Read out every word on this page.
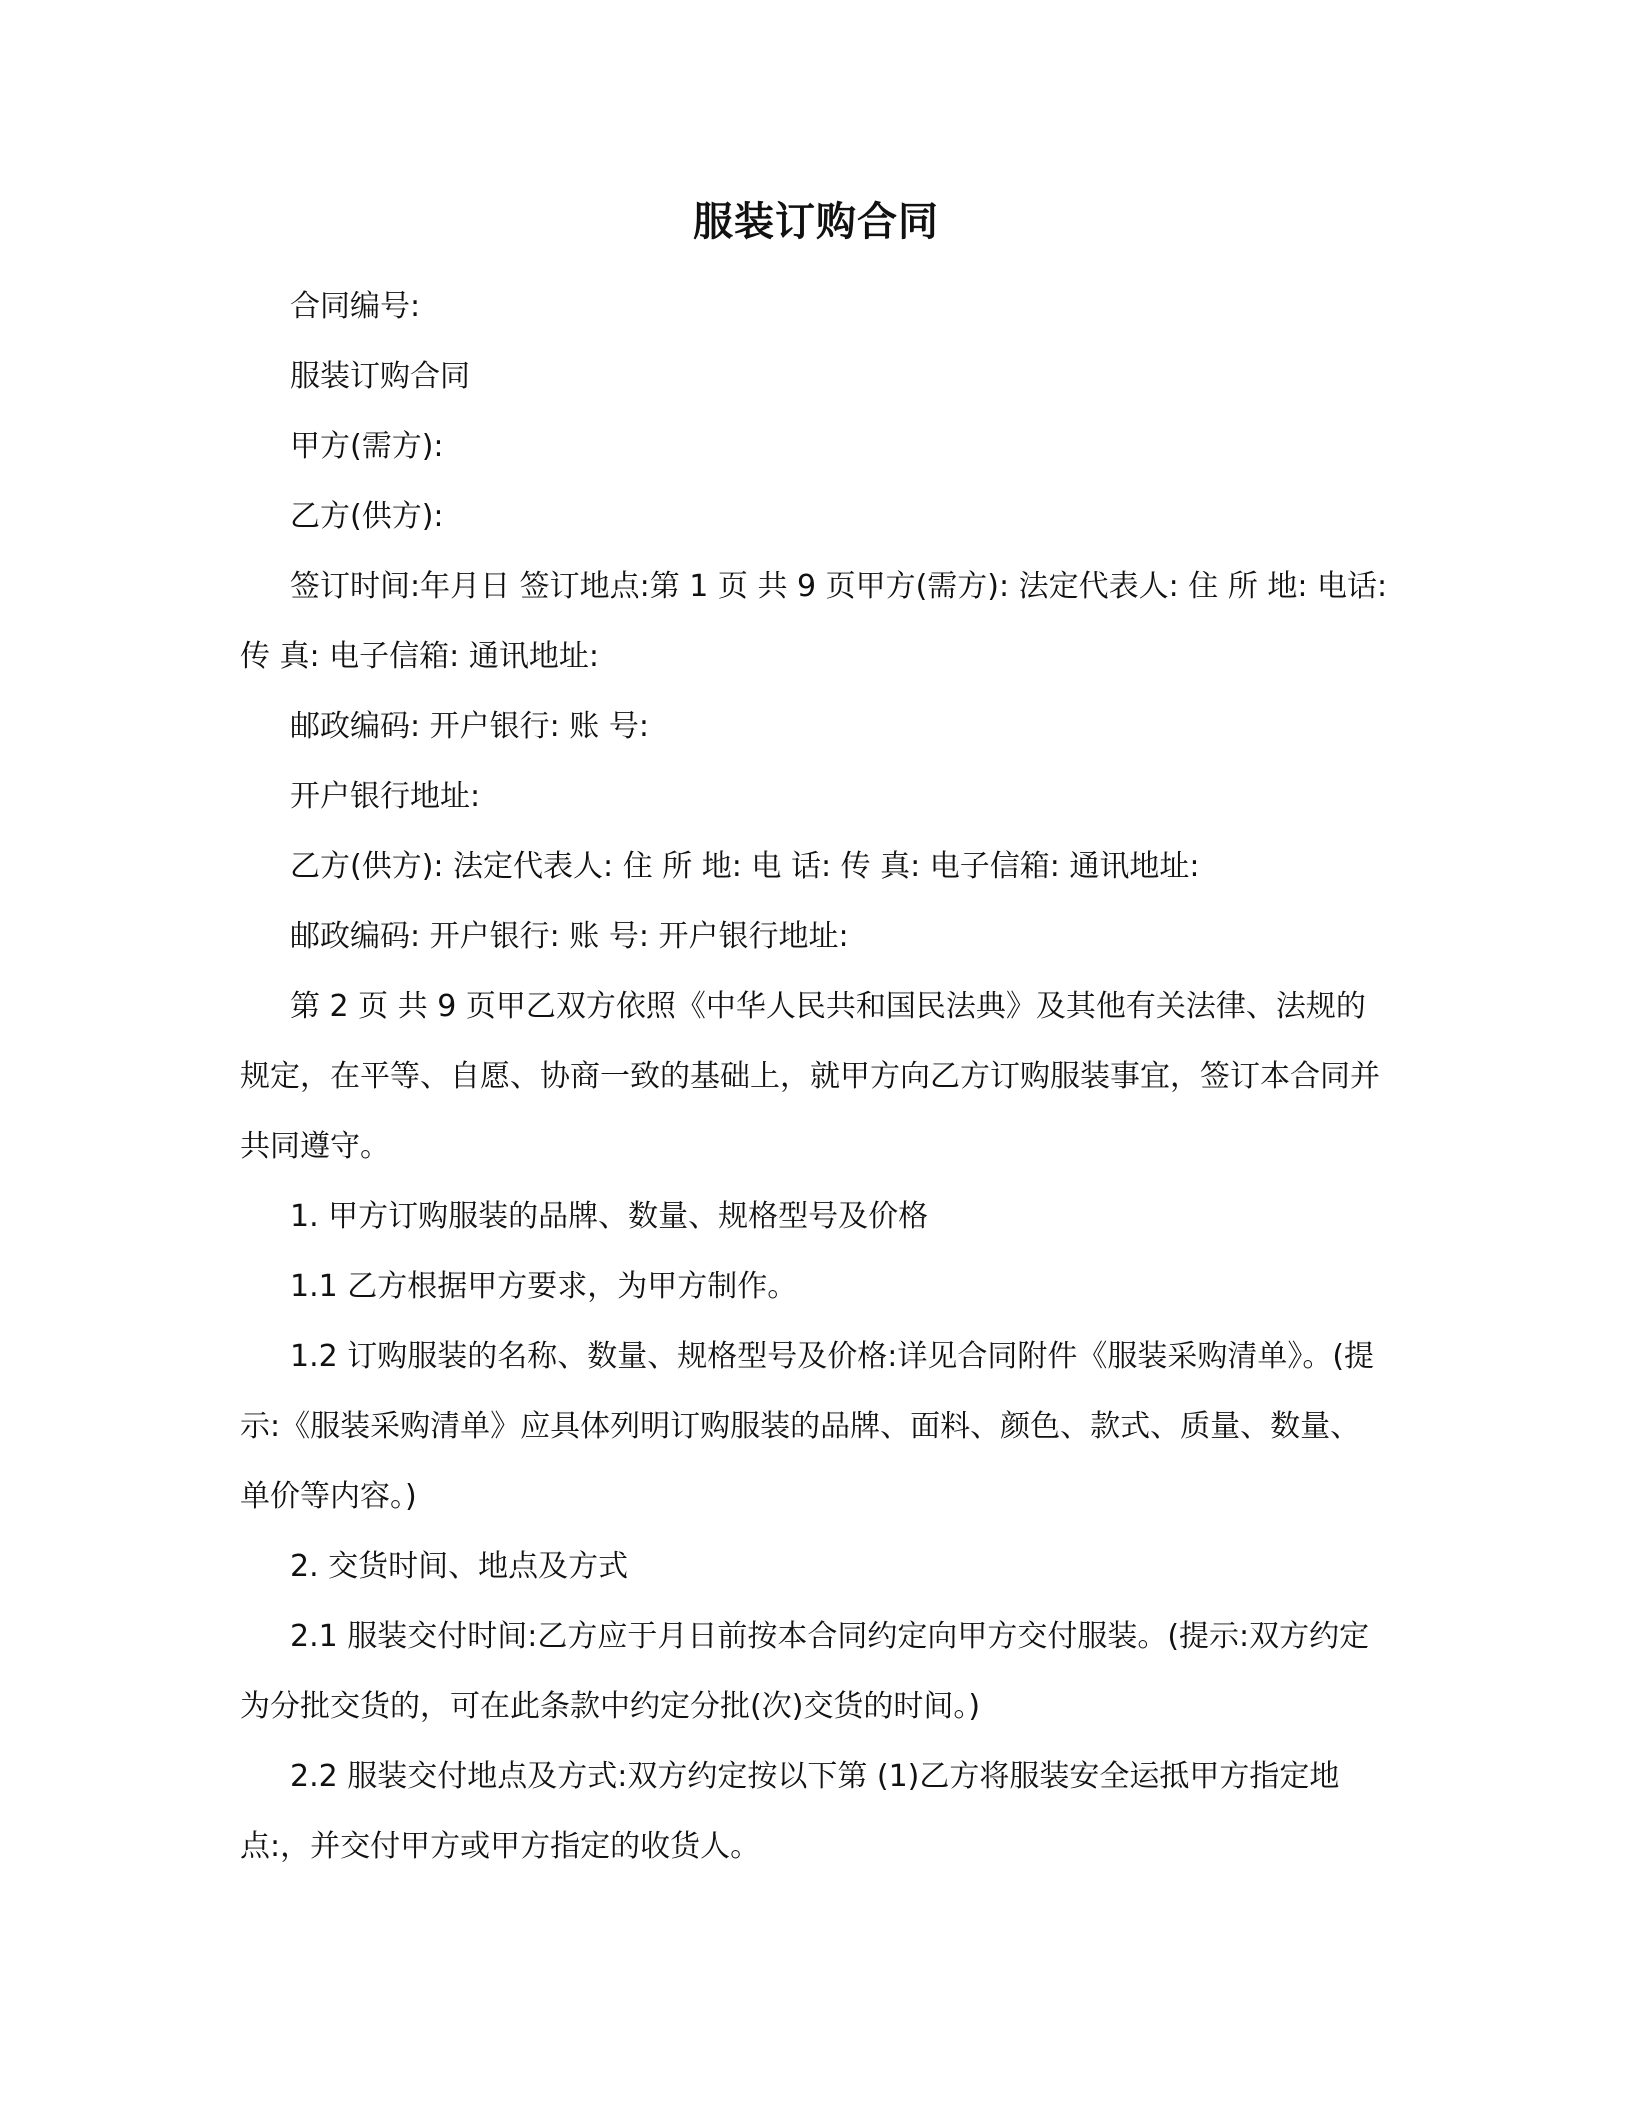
服装订购合同

合同编号:

服装订购合同

甲方(需方):

乙方(供方):

签订时间:年月日 签订地点:第 1 页 共 9 页甲方(需方): 法定代表人: 住 所 地: 电话: 传 真: 电子信箱: 通讯地址:

邮政编码: 开户银行: 账 号:

开户银行地址:

乙方(供方): 法定代表人: 住 所 地: 电 话: 传 真: 电子信箱: 通讯地址:

邮政编码: 开户银行: 账 号: 开户银行地址:

第 2 页 共 9 页甲乙双方依照《中华人民共和国民法典》及其他有关法律、法规的规定，在平等、自愿、协商一致的基础上，就甲方向乙方订购服装事宜，签订本合同并共同遵守。

1. 甲方订购服装的品牌、数量、规格型号及价格

1.1 乙方根据甲方要求，为甲方制作。

1.2 订购服装的名称、数量、规格型号及价格:详见合同附件《服装采购清单》。(提示:《服装采购清单》应具体列明订购服装的品牌、面料、颜色、款式、质量、数量、单价等内容。)

2. 交货时间、地点及方式

2.1 服装交付时间:乙方应于月日前按本合同约定向甲方交付服装。(提示:双方约定为分批交货的，可在此条款中约定分批(次)交货的时间。)

2.2 服装交付地点及方式:双方约定按以下第 (1)乙方将服装安全运抵甲方指定地点:，并交付甲方或甲方指定的收货人。
